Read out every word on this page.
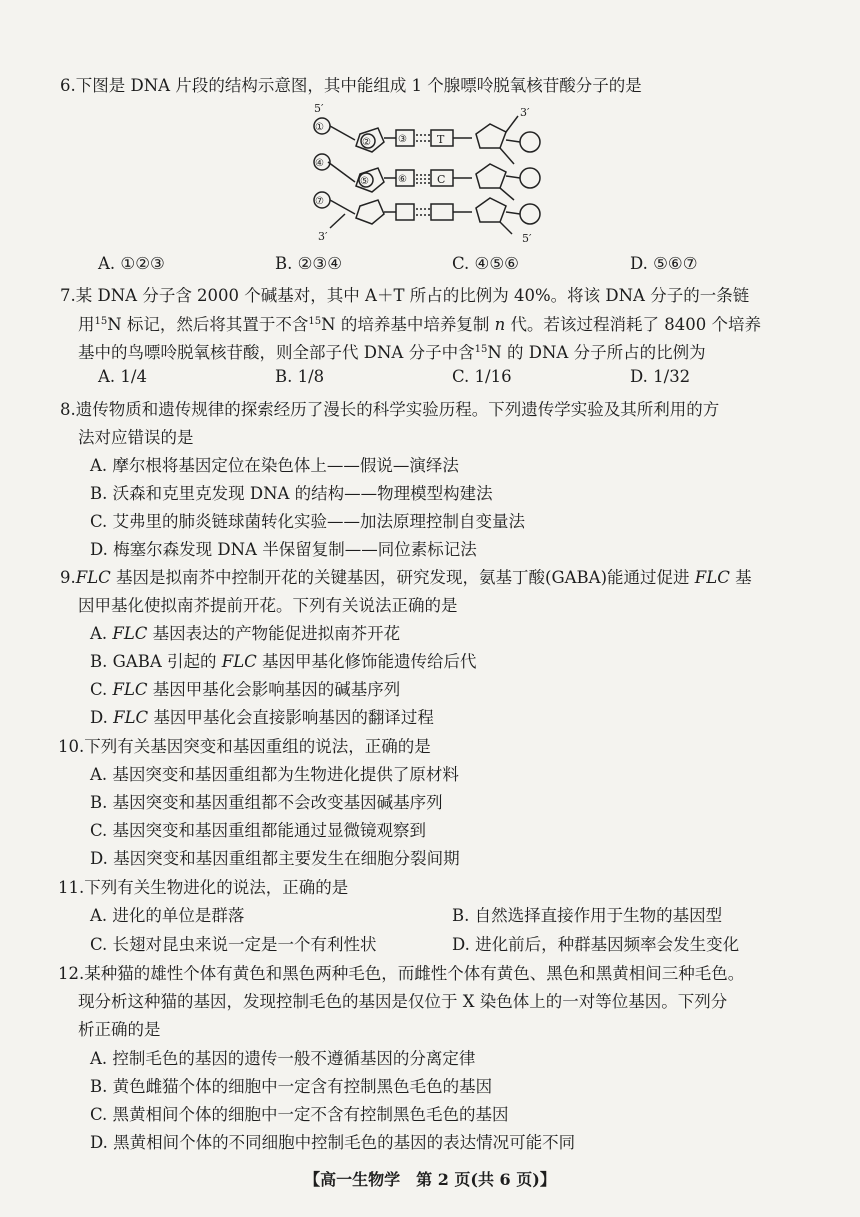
6.下图是 DNA 片段的结构示意图，其中能组成 1 个腺嘌呤脱氧核苷酸分子的是
5′	3′
3′	5′
①
②	③
④
⑤	⑥
⑦
T
C
A. ①②③	B. ②③④	C. ④⑤⑥	D. ⑤⑥⑦
7.某 DNA 分子含 2000 个碱基对，其中 A＋T 所占的比例为 40%。将该 DNA 分子的一条链
用$^{15}$N 标记，然后将其置于不含$^{15}$N 的培养基中培养复制 n 代。若该过程消耗了 8400 个培养
基中的鸟嘌呤脱氧核苷酸，则全部子代 DNA 分子中含$^{15}$N 的 DNA 分子所占的比例为
A. 1/4	B. 1/8	C. 1/16	D. 1/32
8.遗传物质和遗传规律的探索经历了漫长的科学实验历程。下列遗传学实验及其所利用的方
法对应错误的是
A. 摩尔根将基因定位在染色体上——假说—演绎法
B. 沃森和克里克发现 DNA 的结构——物理模型构建法
C. 艾弗里的肺炎链球菌转化实验——加法原理控制自变量法
D. 梅塞尔森发现 DNA 半保留复制——同位素标记法
9.FLC 基因是拟南芥中控制开花的关键基因，研究发现，氨基丁酸(GABA)能通过促进 FLC 基
因甲基化使拟南芥提前开花。下列有关说法正确的是
A. FLC 基因表达的产物能促进拟南芥开花
B. GABA 引起的 FLC 基因甲基化修饰能遗传给后代
C. FLC 基因甲基化会影响基因的碱基序列
D. FLC 基因甲基化会直接影响基因的翻译过程
10.下列有关基因突变和基因重组的说法，正确的是
A. 基因突变和基因重组都为生物进化提供了原材料
B. 基因突变和基因重组都不会改变基因碱基序列
C. 基因突变和基因重组都能通过显微镜观察到
D. 基因突变和基因重组都主要发生在细胞分裂间期
11.下列有关生物进化的说法，正确的是
A. 进化的单位是群落	B. 自然选择直接作用于生物的基因型
C. 长翅对昆虫来说一定是一个有利性状	D. 进化前后，种群基因频率会发生变化
12.某种猫的雄性个体有黄色和黑色两种毛色，而雌性个体有黄色、黑色和黑黄相间三种毛色。
现分析这种猫的基因，发现控制毛色的基因是仅位于 X 染色体上的一对等位基因。下列分
析正确的是
A. 控制毛色的基因的遗传一般不遵循基因的分离定律
B. 黄色雌猫个体的细胞中一定含有控制黑色毛色的基因
C. 黑黄相间个体的细胞中一定不含有控制黑色毛色的基因
D. 黑黄相间个体的不同细胞中控制毛色的基因的表达情况可能不同
【高一生物学　第 2 页(共 6 页)】
